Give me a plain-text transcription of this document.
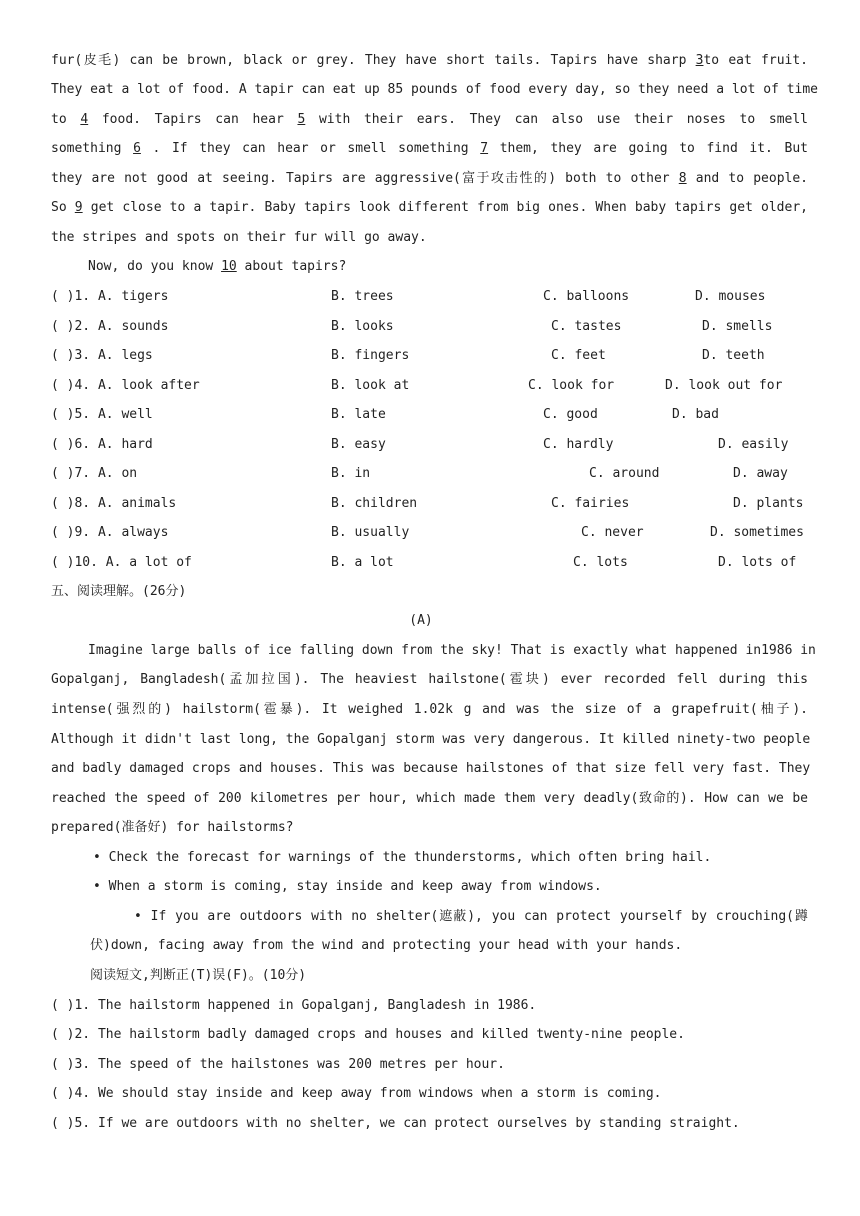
fur(皮毛) can be brown, black or grey. They have short tails. Tapirs have sharp 3to eat fruit.
They eat a lot of food. A tapir can eat up 85 pounds of food every day, so they need a lot of time
to 4 food. Tapirs can hear 5 with their ears. They can also use their noses to smell
something 6 . If they can hear or smell something 7 them, they are going to find it. But
they are not good at seeing. Tapirs are aggressive(富于攻击性的) both to other 8 and to people.
So 9 get close to a tapir. Baby tapirs look different from big ones. When baby tapirs get older,
the stripes and spots on their fur will go away.
Now, do you know 10 about tapirs?
( )1. A. tigers	B. trees	C. balloons	D. mouses
( )2. A. sounds	B. looks	C. tastes	D. smells
( )3. A. legs	B. fingers	C. feet	D. teeth
( )4. A. look after	B. look at	C. look for	D. look out for
( )5. A. well	B. late	C. good	D. bad
( )6. A. hard	B. easy	C. hardly	D. easily
( )7. A. on	B. in	C. around	D. away
( )8. A. animals	B. children	C. fairies	D. plants
( )9. A. always	B. usually	C. never	D. sometimes
( )10. A. a lot of	B. a lot	C. lots	D. lots of
五、阅读理解。(26分)
(A)
Imagine large balls of ice falling down from the sky! That is exactly what happened in1986 in
Gopalganj, Bangladesh(孟加拉国). The heaviest hailstone(雹块) ever recorded fell during this
intense(强烈的) hailstorm(雹暴). It weighed 1.02k g and was the size of a grapefruit(柚子).
Although it didn't last long, the Gopalganj storm was very dangerous. It killed ninety-two people
and badly damaged crops and houses. This was because hailstones of that size fell very fast. They
reached the speed of 200 kilometres per hour, which made them very deadly(致命的). How can we be
prepared(准备好) for hailstorms?
• Check the forecast for warnings of the thunderstorms, which often bring hail.
• When a storm is coming, stay inside and keep away from windows.
• If you are outdoors with no shelter(遮蔽), you can protect yourself by crouching(蹲
伏)down, facing away from the wind and protecting your head with your hands.
阅读短文,判断正(T)误(F)。(10分)
( )1. The hailstorm happened in Gopalganj, Bangladesh in 1986.
( )2. The hailstorm badly damaged crops and houses and killed twenty-nine people.
( )3. The speed of the hailstones was 200 metres per hour.
( )4. We should stay inside and keep away from windows when a storm is coming.
( )5. If we are outdoors with no shelter, we can protect ourselves by standing straight.
